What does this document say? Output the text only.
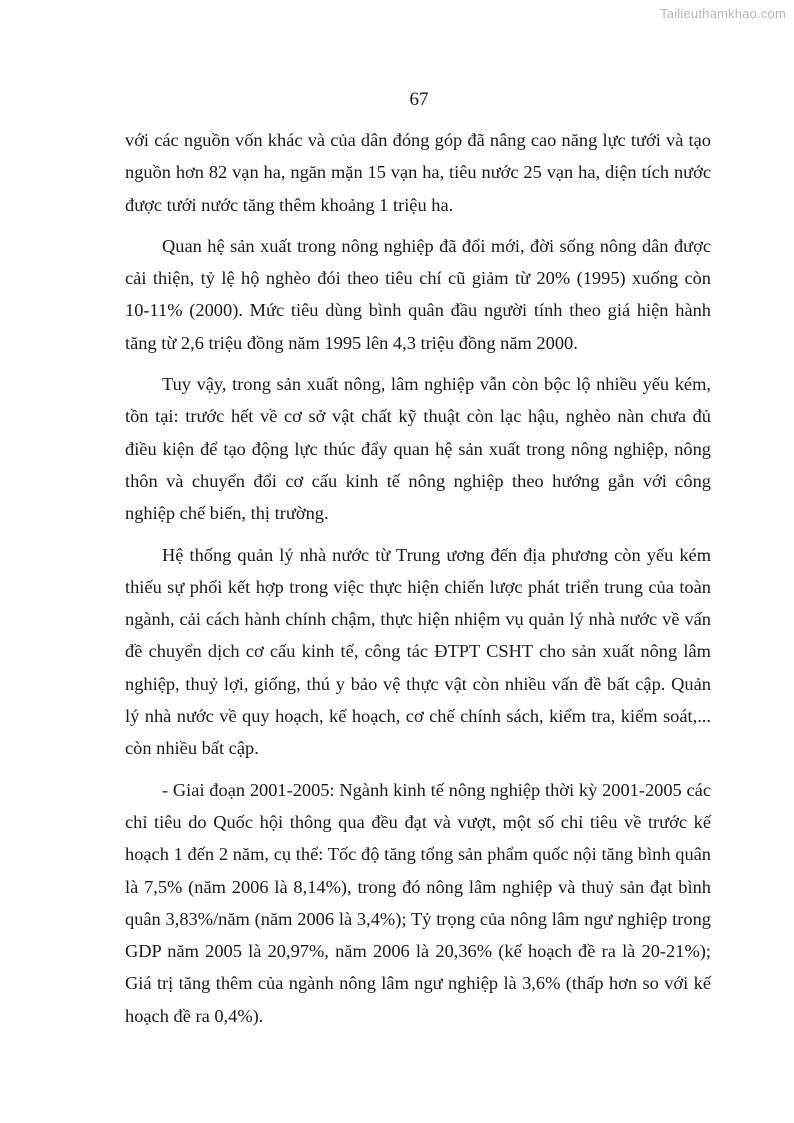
Tailieuthamkhao.com
67

với các nguồn vốn khác và của dân đóng góp đã nâng cao năng lực tưới và tạo nguồn hơn 82 vạn ha, ngăn mặn 15 vạn ha, tiêu nước 25 vạn ha, diện tích nước được tưới nước tăng thêm khoảng 1 triệu ha.

Quan hệ sản xuất trong nông nghiệp đã đổi mới, đời sống nông dân được cải thiện, tỷ lệ hộ nghèo đói theo tiêu chí cũ giảm từ 20% (1995) xuống còn 10-11% (2000). Mức tiêu dùng bình quân đầu người tính theo giá hiện hành tăng từ 2,6 triệu đồng năm 1995 lên 4,3 triệu đồng năm 2000.

Tuy vậy, trong sản xuất nông, lâm nghiệp vẫn còn bộc lộ nhiều yếu kém, tồn tại: trước hết về cơ sở vật chất kỹ thuật còn lạc hậu, nghèo nàn chưa đủ điều kiện để tạo động lực thúc đẩy quan hệ sản xuất trong nông nghiệp, nông thôn và chuyển đổi cơ cấu kinh tế nông nghiệp theo hướng gắn với công nghiệp chế biến, thị trường.

Hệ thống quản lý nhà nước từ Trung ương đến địa phương còn yếu kém thiếu sự phối kết hợp trong việc thực hiện chiến lược phát triển trung của toàn ngành, cải cách hành chính chậm, thực hiện nhiệm vụ quản lý nhà nước về vấn đề chuyển dịch cơ cấu kinh tế, công tác ĐTPT CSHT cho sản xuất nông lâm nghiệp, thuỷ lợi, giống, thú y bảo vệ thực vật còn nhiều vấn đề bất cập. Quản lý nhà nước về quy hoạch, kế hoạch, cơ chế chính sách, kiểm tra, kiểm soát,... còn nhiều bất cập.

- Giai đoạn 2001-2005: Ngành kinh tế nông nghiệp thời kỳ 2001-2005 các chỉ tiêu do Quốc hội thông qua đều đạt và vượt, một số chỉ tiêu về trước kế hoạch 1 đến 2 năm, cụ thể: Tốc độ tăng tổng sản phẩm quốc nội tăng bình quân là 7,5% (năm 2006 là 8,14%), trong đó nông lâm nghiệp và thuỷ sản đạt bình quân 3,83%/năm (năm 2006 là 3,4%); Tỷ trọng của nông lâm ngư nghiệp trong GDP năm 2005 là 20,97%, năm 2006 là 20,36% (kế hoạch đề ra là 20-21%); Giá trị tăng thêm của ngành nông lâm ngư nghiệp là 3,6% (thấp hơn so với kế hoạch đề ra 0,4%).
